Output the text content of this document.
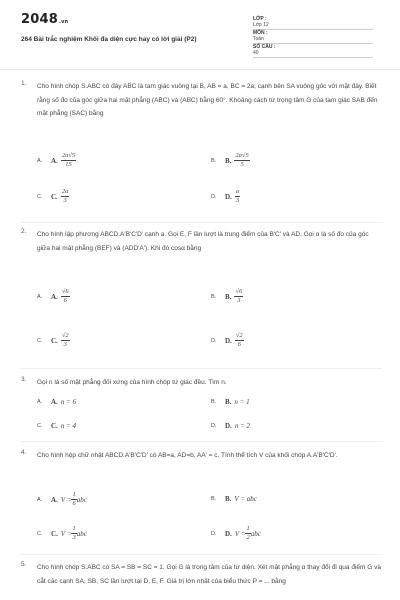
2048.vn
264 Bài trắc nghiệm Khối đa diện cực hay có lời giải (P2)
LỚP :Lớp 12
MÔN :Toán
SỐ CÂU :40
1. Cho hình chóp S.ABC có đáy ABC là tam giác vuông tại B, AB = a, BC = 2a; cạnh bên SA vuông góc với mặt đáy. Biết rằng số đo của góc giữa hai mặt phẳng (ABC) và (ABC) bằng 60°. Khoảng cách từ trọng tâm G của tam giác SAB đến mặt phẳng (SAC) bằng
A.	A. $\frac{2a√5}{15}$	B.	B. $\frac{2a√5}{5}$
C.	C. $\frac{2a}{3}$	D.	D. $\frac{a}{3}$
2. Cho hình lập phương ABCD.A'B'C'D' cạnh a. Gọi E, F lần lượt là trung điểm của B'C' và AD. Gọi α là số đo của góc giữa hai mặt phẳng (BEF) và (ADD'A'). Khi đó cosα bằng
A.	A. $\frac{√6}{6}$	B.	B. $\frac{√6}{3}$
C.	C. $\frac{√2}{3}$	D.	D. $\frac{√2}{6}$
3. Gọi n là số mặt phẳng đối xứng của hình chóp tứ giác đều. Tìm n.
A.	A. n = 6	B.	B. n = 1
C.	C. n = 4	D.	D. n = 2
4. Cho hình hộp chữ nhật ABCD.A'B'C'D' có AB=a, AD=b, AA' = c. Tính thể tích V của khối chóp A.A'B'C'D'.
A.	A. $V = \frac{1}{6}$ abc	B.	B. V = abc
C.	C. $V = \frac{1}{3}$ abc	D.	D. $V = \frac{1}{2}$ abc
5. Cho hình chóp S.ABC có SA = SB = SC = 1. Gọi G là trọng tâm của tứ diện. Xét mặt phẳng α thay đổi đi qua điểm G và cắt các cạnh SA, SB, SC lần lượt tại D, E, F. Giá trị lớn nhất của biểu thức P = ... bằng
